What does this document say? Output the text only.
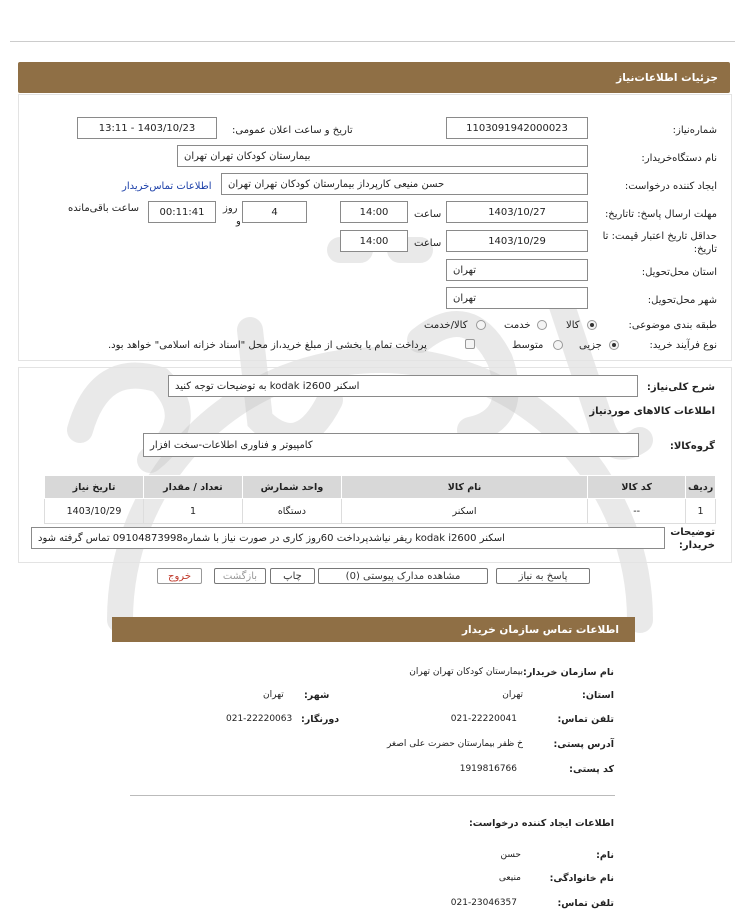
جزئیات اطلاعات‌نیاز
شماره‌نیاز:
1103091942000023
تاریخ و ساعت اعلان عمومی:
1403/10/23 - 13:11
نام دستگاه‌خریدار:
بیمارستان کودکان تهران تهران
ایجاد کننده درخواست:
حسن منیعی کارپرداز بیمارستان کودکان تهران تهران
اطلاعات تماس‌خریدار
مهلت ارسال پاسخ: تاتاریخ:
1403/10/27
ساعت
14:00
4
روز
و
00:11:41
ساعت باقی‌مانده
حداقل تاریخ اعتبار قیمت: تا
تاریخ:
1403/10/29
ساعت
14:00
استان محل‌تحویل:
تهران
شهر محل‌تحویل:
تهران
طبقه بندی موضوعی:
کالا
خدمت
کالا/خدمت
نوع فرآیند خرید:
جزیی
متوسط
پرداخت تمام یا بخشی از مبلغ خرید،از محل "اسناد خزانه اسلامی" خواهد بود.
شرح کلی‌نیاز:
اسکنر kodak i2600 به توضیحات توجه کنید
اطلاعات کالاهای موردنیاز
گروه‌کالا:
کامپیوتر و فناوری اطلاعات-سخت افزار
ردیف	کد کالا	نام کالا	واحد شمارش	تعداد / مقدار	تاریخ نیاز
1	--	اسکنر	دستگاه	1	1403/10/29
توضیحات
خریدار:
اسکنر kodak i2600 ریفر نیاشدپرداخت 60روز کاری در صورت نیاز با شماره09104873998 تماس گرفته شود
پاسخ به نیاز
مشاهده مدارک پیوستی (0)
چاپ
بازگشت
خروج
اطلاعات تماس سازمان خریدار
نام سازمان خریدار:
بیمارستان کودکان تهران تهران
استان:
تهران
شهر:
تهران
تلفن تماس:
021-22220041
دورنگار:
021-22220063
آدرس پستی:
خ ظفر بیمارستان حضرت علی اصغر
کد پستی:
1919816766
اطلاعات ایجاد کننده درخواست:
نام:
حسن
نام خانوادگی:
منیعی
تلفن تماس:
021-23046357
